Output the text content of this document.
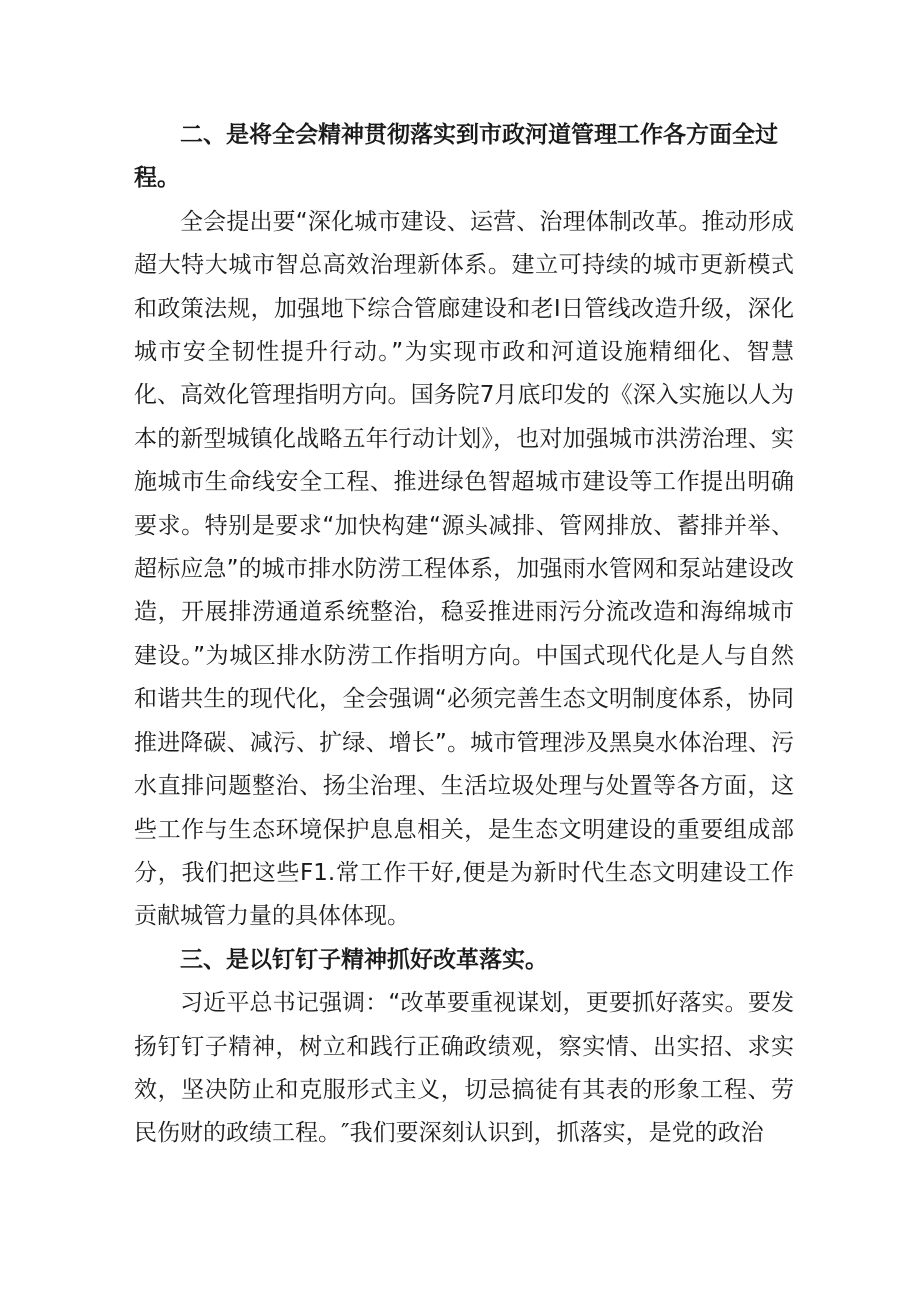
二、是将全会精神贯彻落实到市政河道管理工作各方面全过程。

全会提出要“深化城市建设、运营、治理体制改革。推动形成超大特大城市智总高效治理新体系。建立可持续的城市更新模式和政策法规，加强地下综合管廊建设和老I日管线改造升级，深化城市安全韧性提升行动。”为实现市政和河道设施精细化、智慧化、高效化管理指明方向。国务院7月底印发的《深入实施以人为本的新型城镇化战略五年行动计划》，也对加强城市洪涝治理、实施城市生命线安全工程、推进绿色智超城市建设等工作提出明确要求。特别是要求“加快构建“源头减排、管网排放、蓄排并举、超标应急”的城市排水防涝工程体系，加强雨水管网和泵站建设改造，开展排涝通道系统整治，稳妥推进雨污分流改造和海绵城市建设。”为城区排水防涝工作指明方向。中国式现代化是人与自然和谐共生的现代化，全会强调“必须完善生态文明制度体系，协同推进降碳、减污、扩绿、增长”。城市管理涉及黑臭水体治理、污水直排问题整治、扬尘治理、生活垃圾处理与处置等各方面，这些工作与生态环境保护息息相关，是生态文明建设的重要组成部分，我们把这些F1.常工作干好,便是为新时代生态文明建设工作贡献城管力量的具体体现。

三、是以钉钉子精神抓好改革落实。

习近平总书记强调：“改革要重视谋划，更要抓好落实。要发扬钉钉子精神，树立和践行正确政绩观，察实情、出实招、求实效，坚决防止和克服形式主义，切忌搞徒有其表的形象工程、劳民伤财的政绩工程。″我们要深刻认识到，抓落实，是党的政治
